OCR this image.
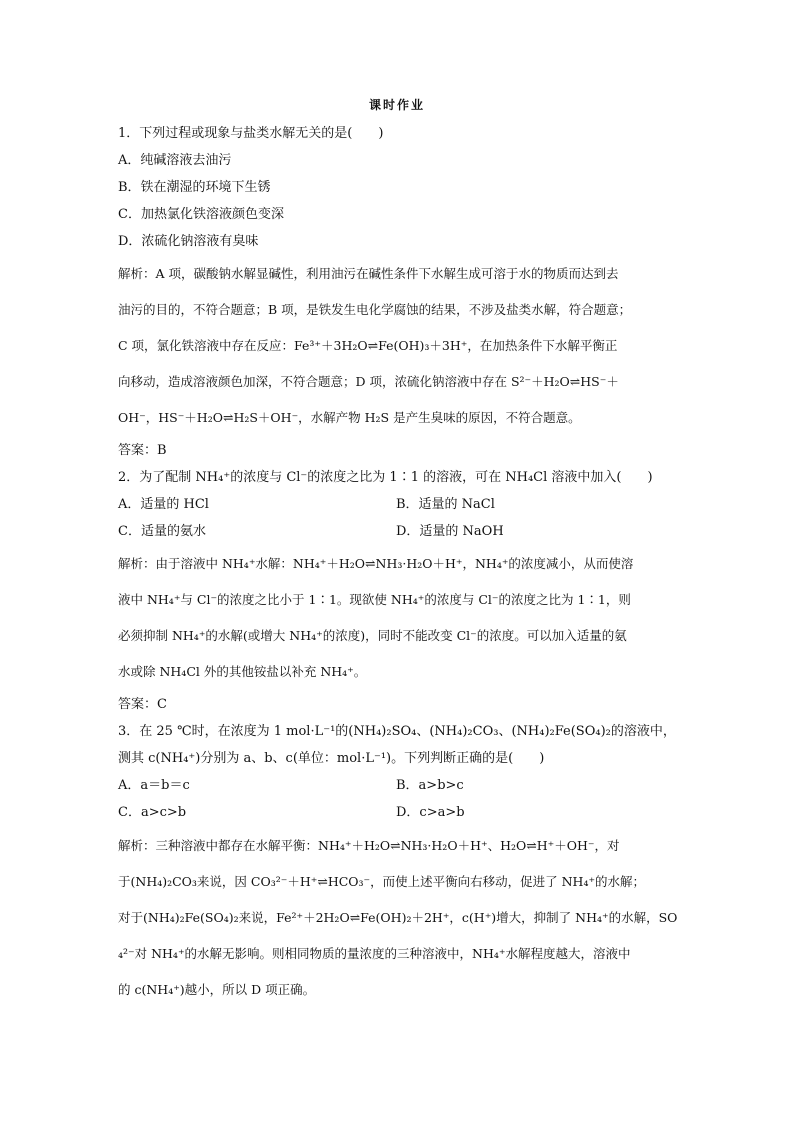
课时作业
1．下列过程或现象与盐类水解无关的是(　　)
A．纯碱溶液去油污
B．铁在潮湿的环境下生锈
C．加热氯化铁溶液颜色变深
D．浓硫化钠溶液有臭味
解析：A 项，碳酸钠水解显碱性，利用油污在碱性条件下水解生成可溶于水的物质而达到去
油污的目的，不符合题意；B 项，是铁发生电化学腐蚀的结果，不涉及盐类水解，符合题意；
C 项，氯化铁溶液中存在反应：Fe³⁺＋3H₂O⇌Fe(OH)₃＋3H⁺，在加热条件下水解平衡正
向移动，造成溶液颜色加深，不符合题意；D 项，浓硫化钠溶液中存在 S²⁻＋H₂O⇌HS⁻＋
OH⁻，HS⁻＋H₂O⇌H₂S＋OH⁻，水解产物 H₂S 是产生臭味的原因，不符合题意。
答案：B
2．为了配制 NH₄⁺的浓度与 Cl⁻的浓度之比为 1∶1 的溶液，可在 NH₄Cl 溶液中加入(　　)
A．适量的 HCl	B．适量的 NaCl
C．适量的氨水	D．适量的 NaOH
解析：由于溶液中 NH₄⁺水解：NH₄⁺＋H₂O⇌NH₃·H₂O＋H⁺，NH₄⁺的浓度减小，从而使溶
液中 NH₄⁺与 Cl⁻的浓度之比小于 1∶1。现欲使 NH₄⁺的浓度与 Cl⁻的浓度之比为 1∶1，则
必须抑制 NH₄⁺的水解(或增大 NH₄⁺的浓度)，同时不能改变 Cl⁻的浓度。可以加入适量的氨
水或除 NH₄Cl 外的其他铵盐以补充 NH₄⁺。
答案：C
3．在 25 ℃时，在浓度为 1 mol·L⁻¹的(NH₄)₂SO₄、(NH₄)₂CO₃、(NH₄)₂Fe(SO₄)₂的溶液中，
测其 c(NH₄⁺)分别为 a、b、c(单位：mol·L⁻¹)。下列判断正确的是(　　)
A．a＝b＝c	B．a>b>c
C．a>c>b	D．c>a>b
解析：三种溶液中都存在水解平衡：NH₄⁺＋H₂O⇌NH₃·H₂O＋H⁺、H₂O⇌H⁺＋OH⁻，对
于(NH₄)₂CO₃来说，因 CO₃²⁻＋H⁺⇌HCO₃⁻，而使上述平衡向右移动，促进了 NH₄⁺的水解；
对于(NH₄)₂Fe(SO₄)₂来说，Fe²⁺＋2H₂O⇌Fe(OH)₂＋2H⁺，c(H⁺)增大，抑制了 NH₄⁺的水解，SO
₄²⁻对 NH₄⁺的水解无影响。则相同物质的量浓度的三种溶液中，NH₄⁺水解程度越大，溶液中
的 c(NH₄⁺)越小，所以 D 项正确。
